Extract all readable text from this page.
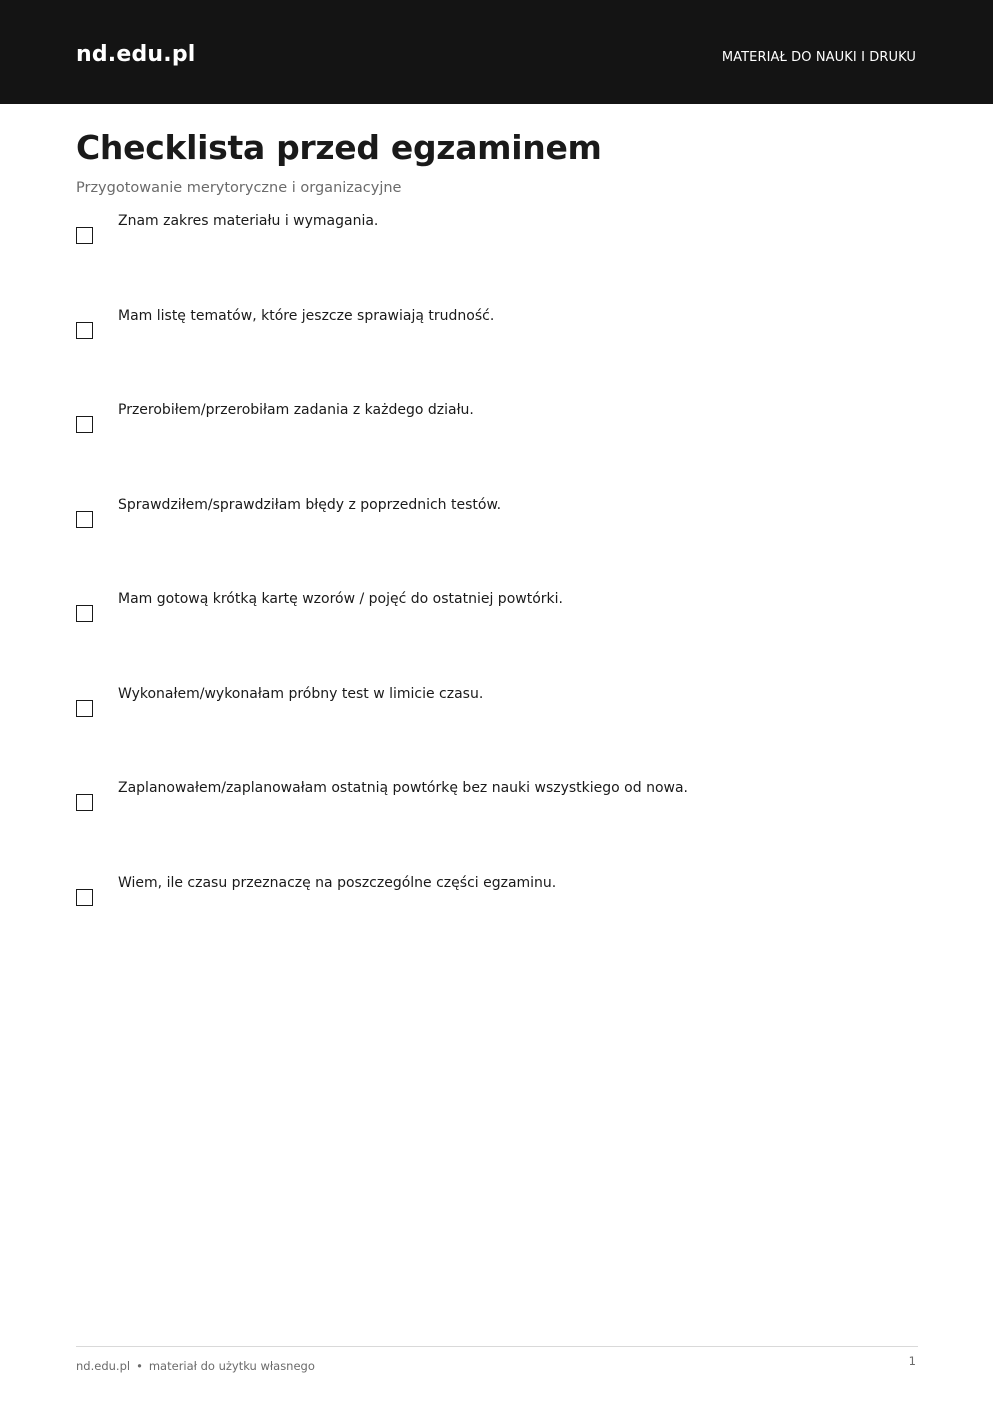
nd.edu.pl	MATERIAŁ DO NAUKI I DRUKU
Checklista przed egzaminem
Przygotowanie merytoryczne i organizacyjne
Znam zakres materiału i wymagania.
Mam listę tematów, które jeszcze sprawiają trudność.
Przerobiłem/przerobiłam zadania z każdego działu.
Sprawdziłem/sprawdziłam błędy z poprzednich testów.
Mam gotową krótką kartę wzorów / pojęć do ostatniej powtórki.
Wykonałem/wykonałam próbny test w limicie czasu.
Zaplanowałem/zaplanowałam ostatnią powtórkę bez nauki wszystkiego od nowa.
Wiem, ile czasu przeznaczę na poszczególne części egzaminu.
nd.edu.pl • materiał do użytku własnego	1
